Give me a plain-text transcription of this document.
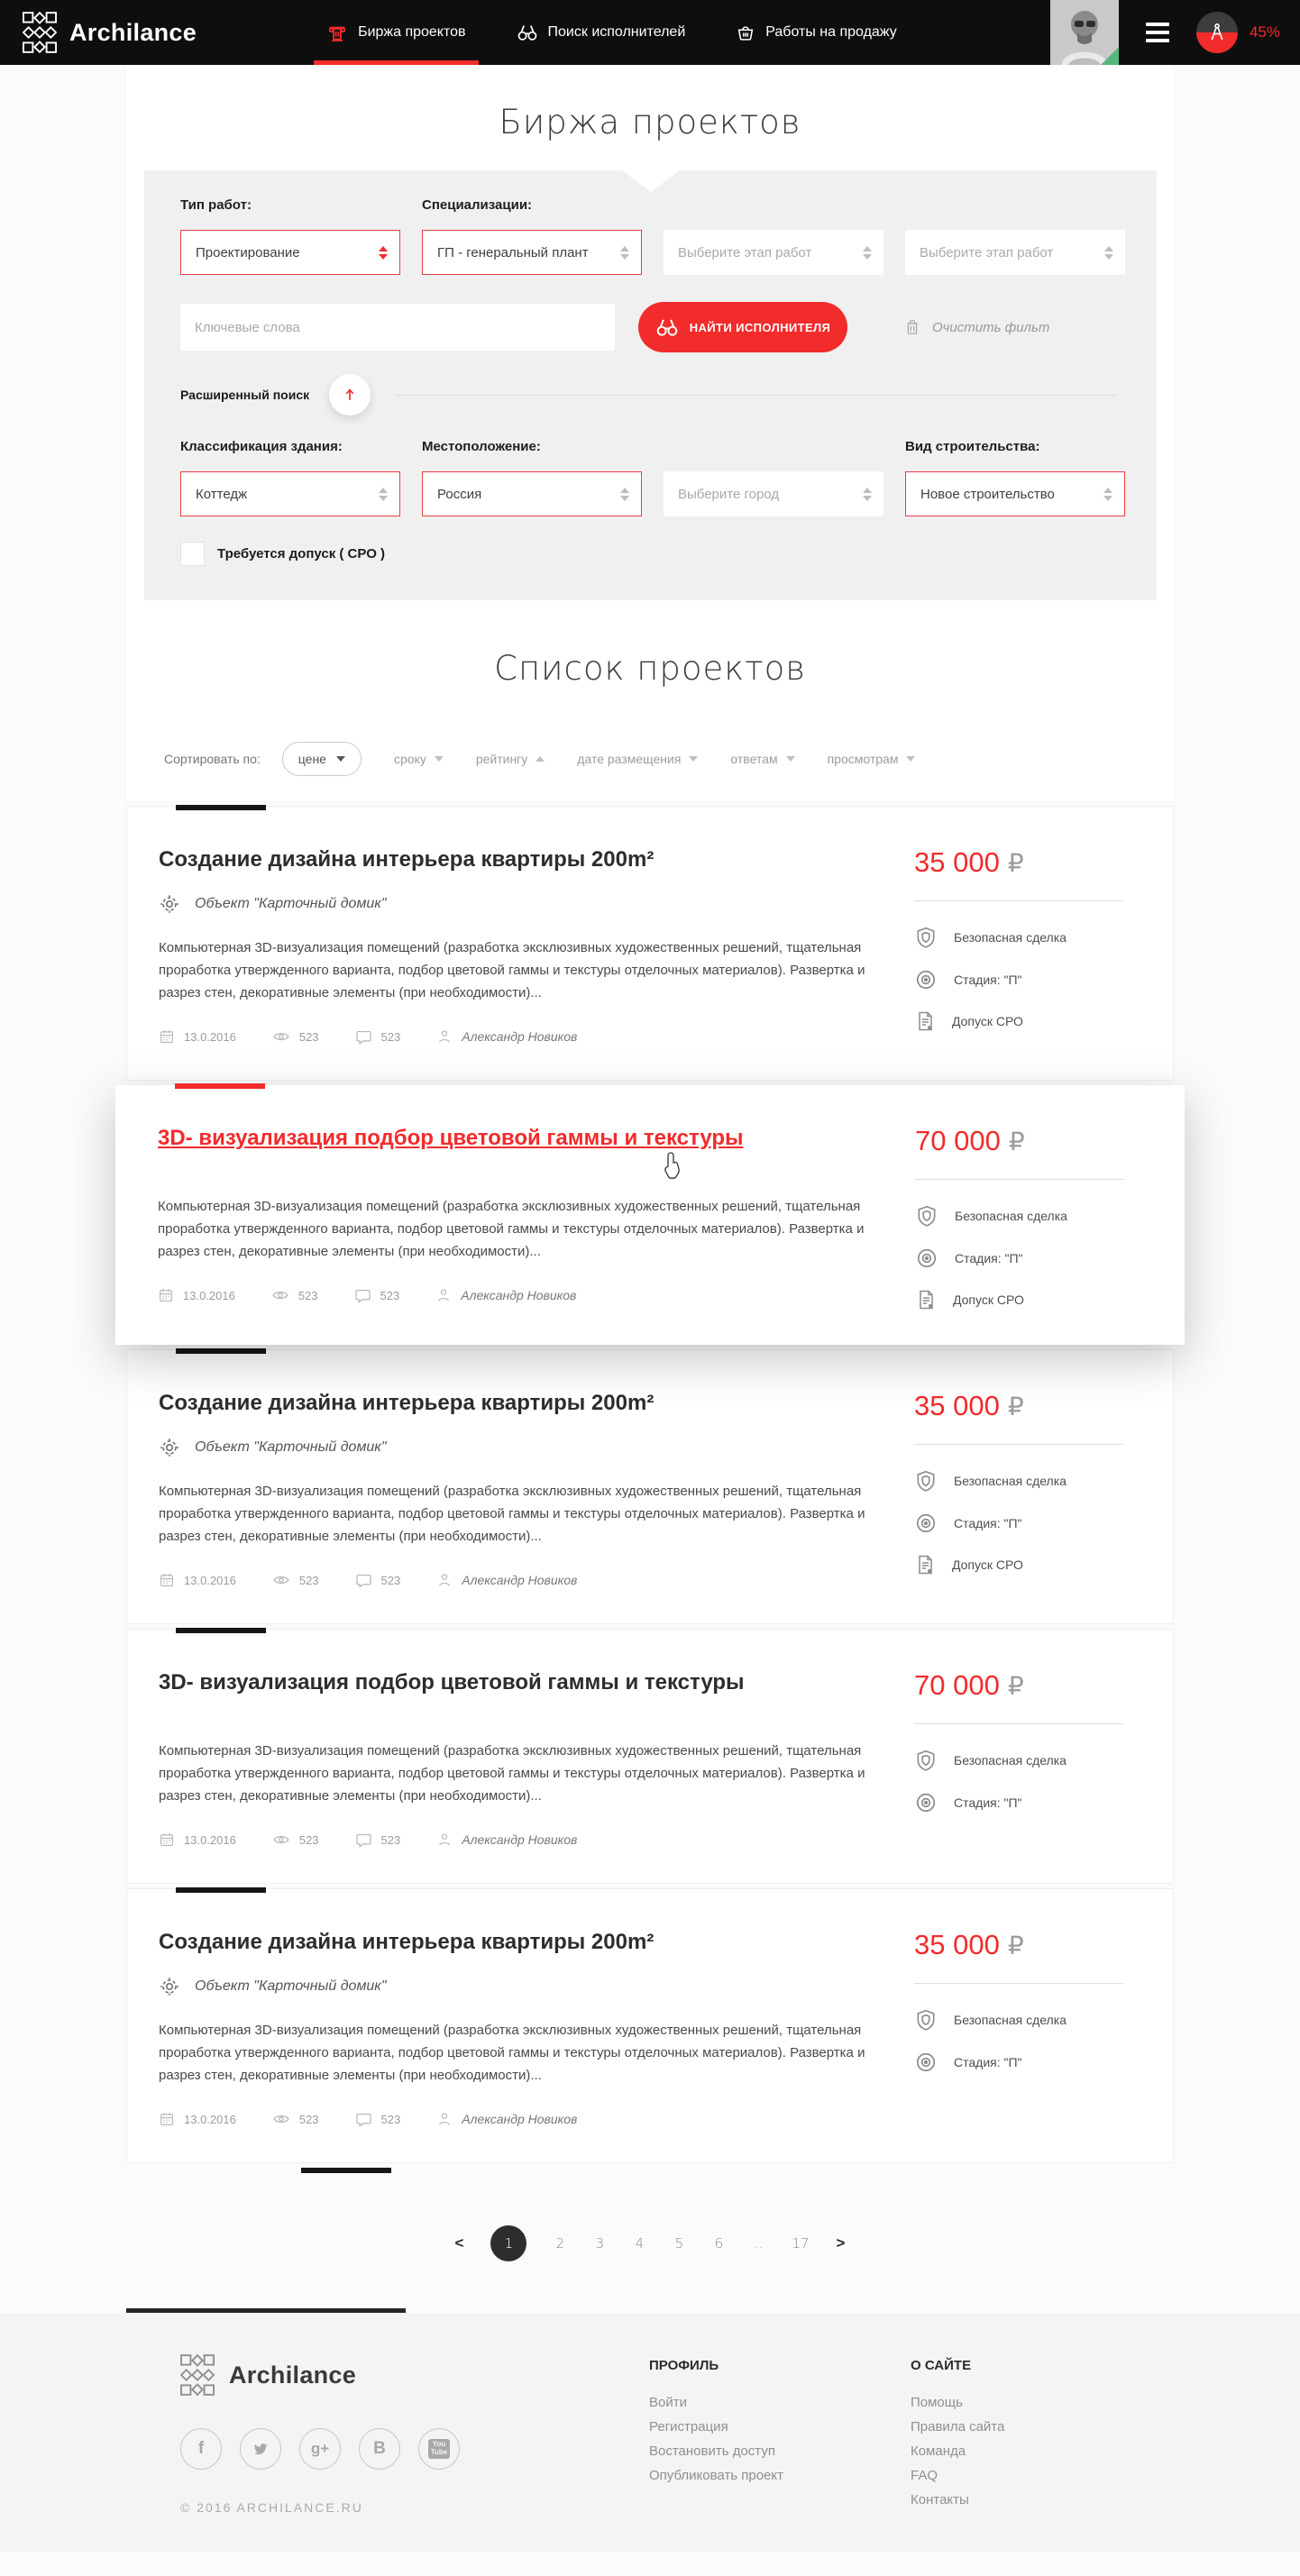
Archilance	Биржа проектов	Поиск исполнителей	Работы на продажу	45%
Биржа проектов
Тип работ:
Проектирование
Специализации:
ГП - генеральный плант	Выберите этап работ	Выберите этап работ
Ключевые слова
НАЙТИ ИСПОЛНИТЕЛЯ	Очистить фильт
Расширенный поиск
Классификация здания:
Коттедж
Местоположение:
Россия	Выберите город
Вид строительства:
Новое строительство
Требуется допуск ( СРО )
Список проектов
Сортировать по:	цене	сроку	рейтингу	дате размещения	ответам	просмотрам
Создание дизайна интерьера квартиры 200m²
Объект "Карточный домик"

Компьютерная 3D-визуализация помещений (разработка эксклюзивных художественных решений, тщательная проработка утвержденного варианта, подбор цветовой гаммы и текстуры отделочных материалов). Развертка и разрез стен, декоративные элементы (при необходимости)...

13.0.2016	523	523	Александр Новиков
35 000 ₽
Безопасная сделка
Стадия: "П"
Допуск СРО
3D- визуализация подбор цветовой гаммы и текстуры

Компьютерная 3D-визуализация помещений (разработка эксклюзивных художественных решений, тщательная проработка утвержденного варианта, подбор цветовой гаммы и текстуры отделочных материалов). Развертка и разрез стен, декоративные элементы (при необходимости)...

13.0.2016	523	523	Александр Новиков
70 000 ₽
Безопасная сделка
Стадия: "П"
Допуск СРО
Создание дизайна интерьера квартиры 200m²
Объект "Карточный домик"

Компьютерная 3D-визуализация помещений (разработка эксклюзивных художественных решений, тщательная проработка утвержденного варианта, подбор цветовой гаммы и текстуры отделочных материалов). Развертка и разрез стен, декоративные элементы (при необходимости)...

13.0.2016	523	523	Александр Новиков
35 000 ₽
Безопасная сделка
Стадия: "П"
Допуск СРО
3D- визуализация подбор цветовой гаммы и текстуры

Компьютерная 3D-визуализация помещений (разработка эксклюзивных художественных решений, тщательная проработка утвержденного варианта, подбор цветовой гаммы и текстуры отделочных материалов). Развертка и разрез стен, декоративные элементы (при необходимости)...

13.0.2016	523	523	Александр Новиков
70 000 ₽
Безопасная сделка
Стадия: "П"
Создание дизайна интерьера квартиры 200m²
Объект "Карточный домик"

Компьютерная 3D-визуализация помещений (разработка эксклюзивных художественных решений, тщательная проработка утвержденного варианта, подбор цветовой гаммы и текстуры отделочных материалов). Развертка и разрез стен, декоративные элементы (при необходимости)...

13.0.2016	523	523	Александр Новиков
35 000 ₽
Безопасная сделка
Стадия: "П"
<	1	2 3 4 5 6 .. 17 >
Archilance
f	g+	B	You
Tube
© 2016 ARCHILANCE.RU
ПРОФИЛЬ
Войти
Регистрация
Востановить доступ
Опубликовать проект
О САЙТЕ
Помощь
Правила сайта
Команда
FAQ
Контакты
